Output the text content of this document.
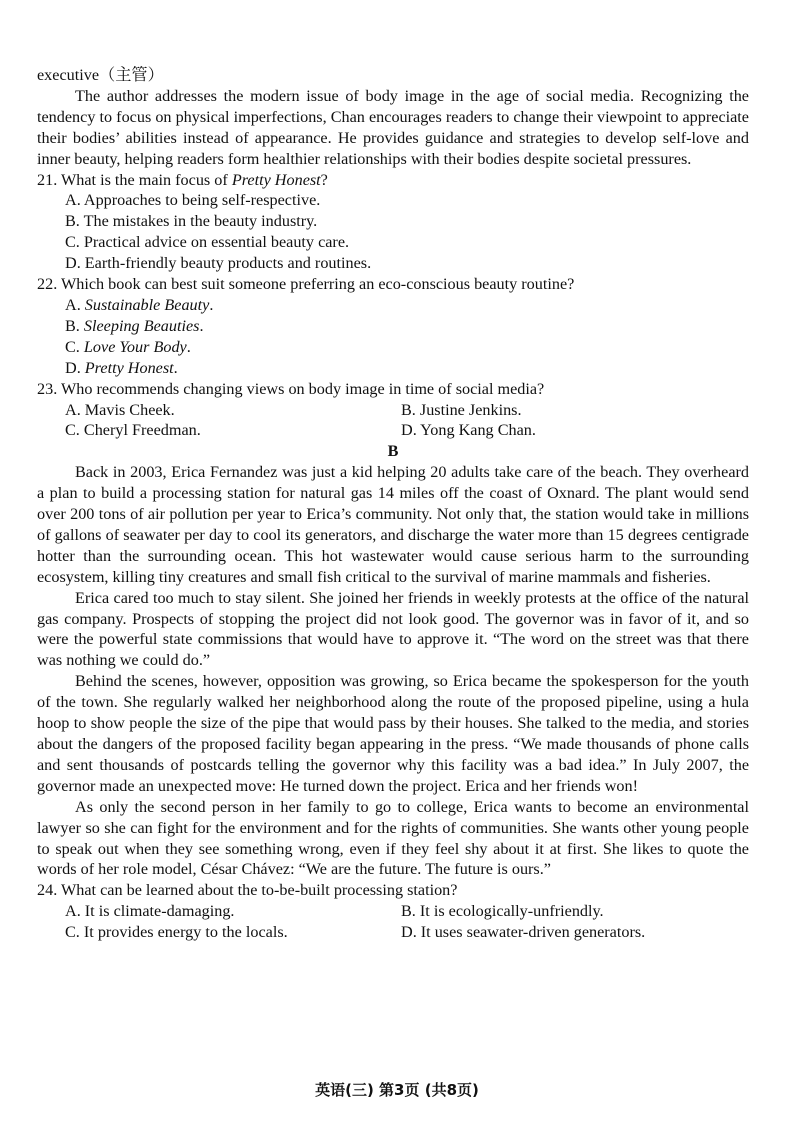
executive（主管）

The author addresses the modern issue of body image in the age of social media. Recognizing the tendency to focus on physical imperfections, Chan encourages readers to change their viewpoint to appreciate their bodies’ abilities instead of appearance. He provides guidance and strategies to develop self-love and inner beauty, helping readers form healthier relationships with their bodies despite societal pressures.

21. What is the main focus of Pretty Honest?

A. Approaches to being self-respective.

B. The mistakes in the beauty industry.

C. Practical advice on essential beauty care.

D. Earth-friendly beauty products and routines.

22. Which book can best suit someone preferring an eco-conscious beauty routine?

A. Sustainable Beauty.

B. Sleeping Beauties.

C. Love Your Body.

D. Pretty Honest.

23. Who recommends changing views on body image in time of social media?

A. Mavis Cheek.	B. Justine Jenkins.
C. Cheryl Freedman.	D. Yong Kang Chan.

B

Back in 2003, Erica Fernandez was just a kid helping 20 adults take care of the beach. They overheard a plan to build a processing station for natural gas 14 miles off the coast of Oxnard. The plant would send over 200 tons of air pollution per year to Erica’s community. Not only that, the station would take in millions of gallons of seawater per day to cool its generators, and discharge the water more than 15 degrees centigrade hotter than the surrounding ocean. This hot wastewater would cause serious harm to the surrounding ecosystem, killing tiny creatures and small fish critical to the survival of marine mammals and fisheries.

Erica cared too much to stay silent. She joined her friends in weekly protests at the office of the natural gas company. Prospects of stopping the project did not look good. The governor was in favor of it, and so were the powerful state commissions that would have to approve it. “The word on the street was that there was nothing we could do.”

Behind the scenes, however, opposition was growing, so Erica became the spokesperson for the youth of the town. She regularly walked her neighborhood along the route of the proposed pipeline, using a hula hoop to show people the size of the pipe that would pass by their houses. She talked to the media, and stories about the dangers of the proposed facility began appearing in the press. “We made thousands of phone calls and sent thousands of postcards telling the governor why this facility was a bad idea.” In July 2007, the governor made an unexpected move: He turned down the project. Erica and her friends won!

As only the second person in her family to go to college, Erica wants to become an environmental lawyer so she can fight for the environment and for the rights of communities. She wants other young people to speak out when they see something wrong, even if they feel shy about it at first. She likes to quote the words of her role model, César Chávez: “We are the future. The future is ours.”

24. What can be learned about the to-be-built processing station?

A. It is climate-damaging.	B. It is ecologically-unfriendly.
C. It provides energy to the locals.	D. It uses seawater-driven generators.
英语(三) 第3页 (共8页)
